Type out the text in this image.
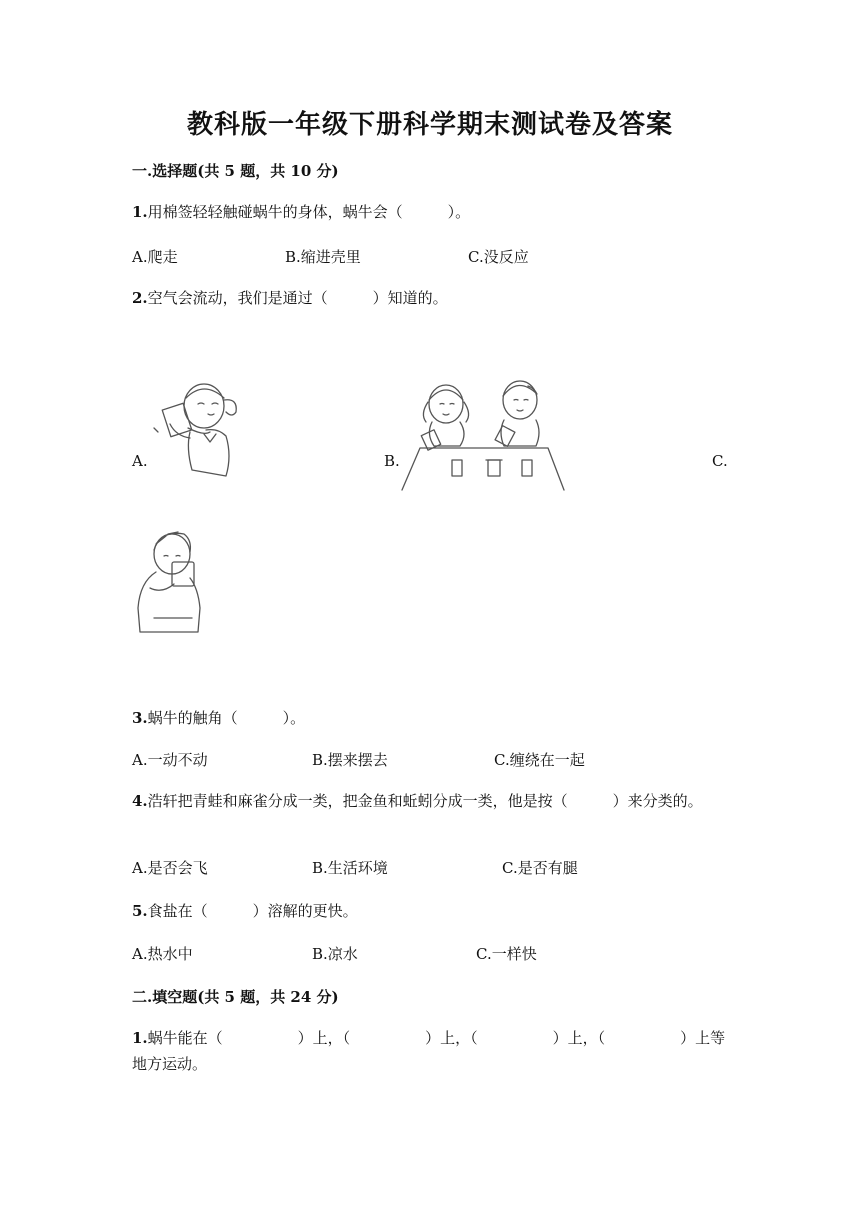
教科版一年级下册科学期末测试卷及答案
一.选择题(共 5 题，共 10 分)
1.用棉签轻轻触碰蜗牛的身体，蜗牛会（　　　）。
A.爬走	B.缩进壳里	C.没反应
2.空气会流动，我们是通过（　　　）知道的。
A.	B.	C.
3.蜗牛的触角（　　　）。
A.一动不动	B.摆来摆去	C.缠绕在一起
4.浩轩把青蛙和麻雀分成一类，把金鱼和蚯蚓分成一类，他是按（　　　）来分类的。
A.是否会飞	B.生活环境	C.是否有腿
5.食盐在（　　　）溶解的更快。
A.热水中	B.凉水	C.一样快
二.填空题(共 5 题，共 24 分)
1.蜗牛能在（　　　　　）上，（　　　　　）上，（　　　　　）上，（　　　　　）上等地方运动。
